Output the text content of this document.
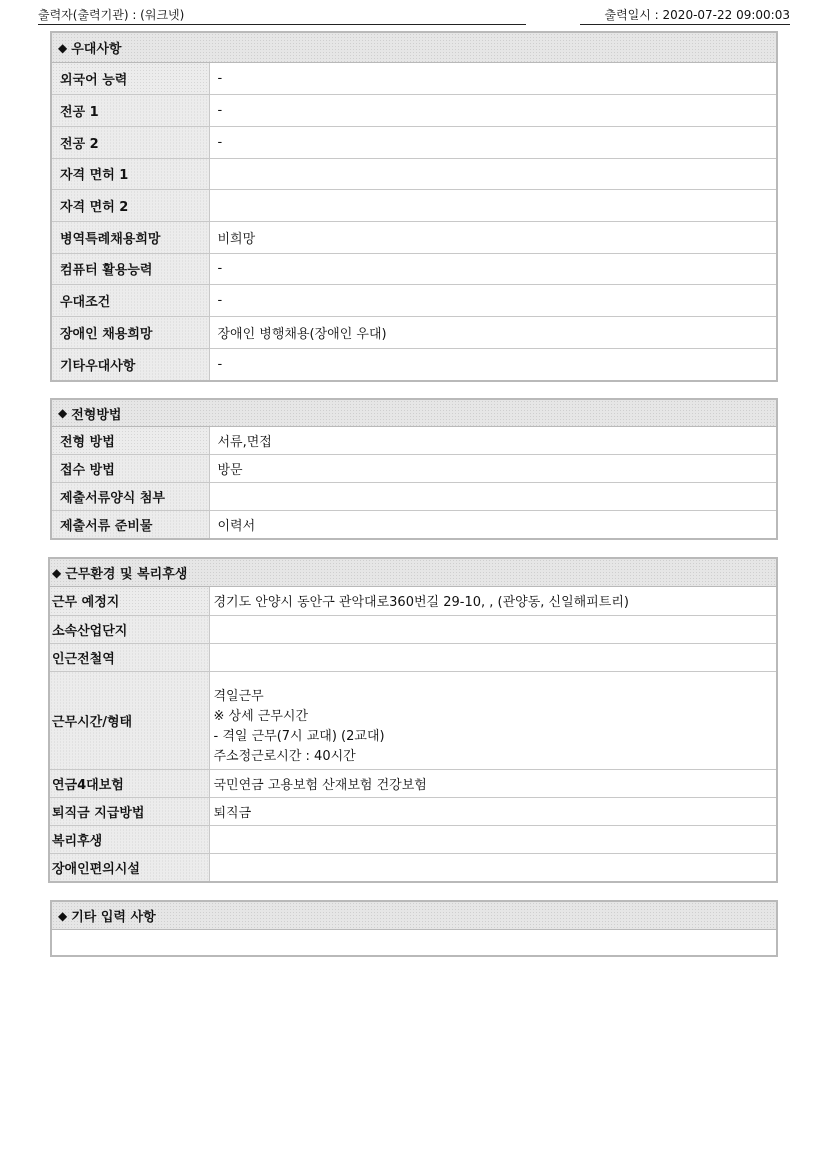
출력자(출력기관) : (워크넷)	출력일시 : 2020-07-22 09:00:03
◆ 우대사항
외국어 능력	-
전공 1	-
전공 2	-
자격 면허 1	
자격 면허 2	
병역특례채용희망	비희망
컴퓨터 활용능력	-
우대조건	-
장애인 채용희망	장애인 병행채용(장애인 우대)
기타우대사항	-
◆ 전형방법
전형 방법	서류,면접
접수 방법	방문
제출서류양식 첨부	
제출서류 준비물	이력서
◆ 근무환경 및 복리후생
근무 예정지	경기도 안양시 동안구 관악대로360번길 29-10, , (관양동, 신일해피트리)
소속산업단지	
인근전철역	
근무시간/형태	격일근무
※ 상세 근무시간
- 격일 근무(7시 교대) (2교대)
주소정근로시간 : 40시간
연금4대보험	국민연금 고용보험 산재보험 건강보험
퇴직금 지급방법	퇴직금
복리후생	
장애인편의시설	
◆ 기타 입력 사항
